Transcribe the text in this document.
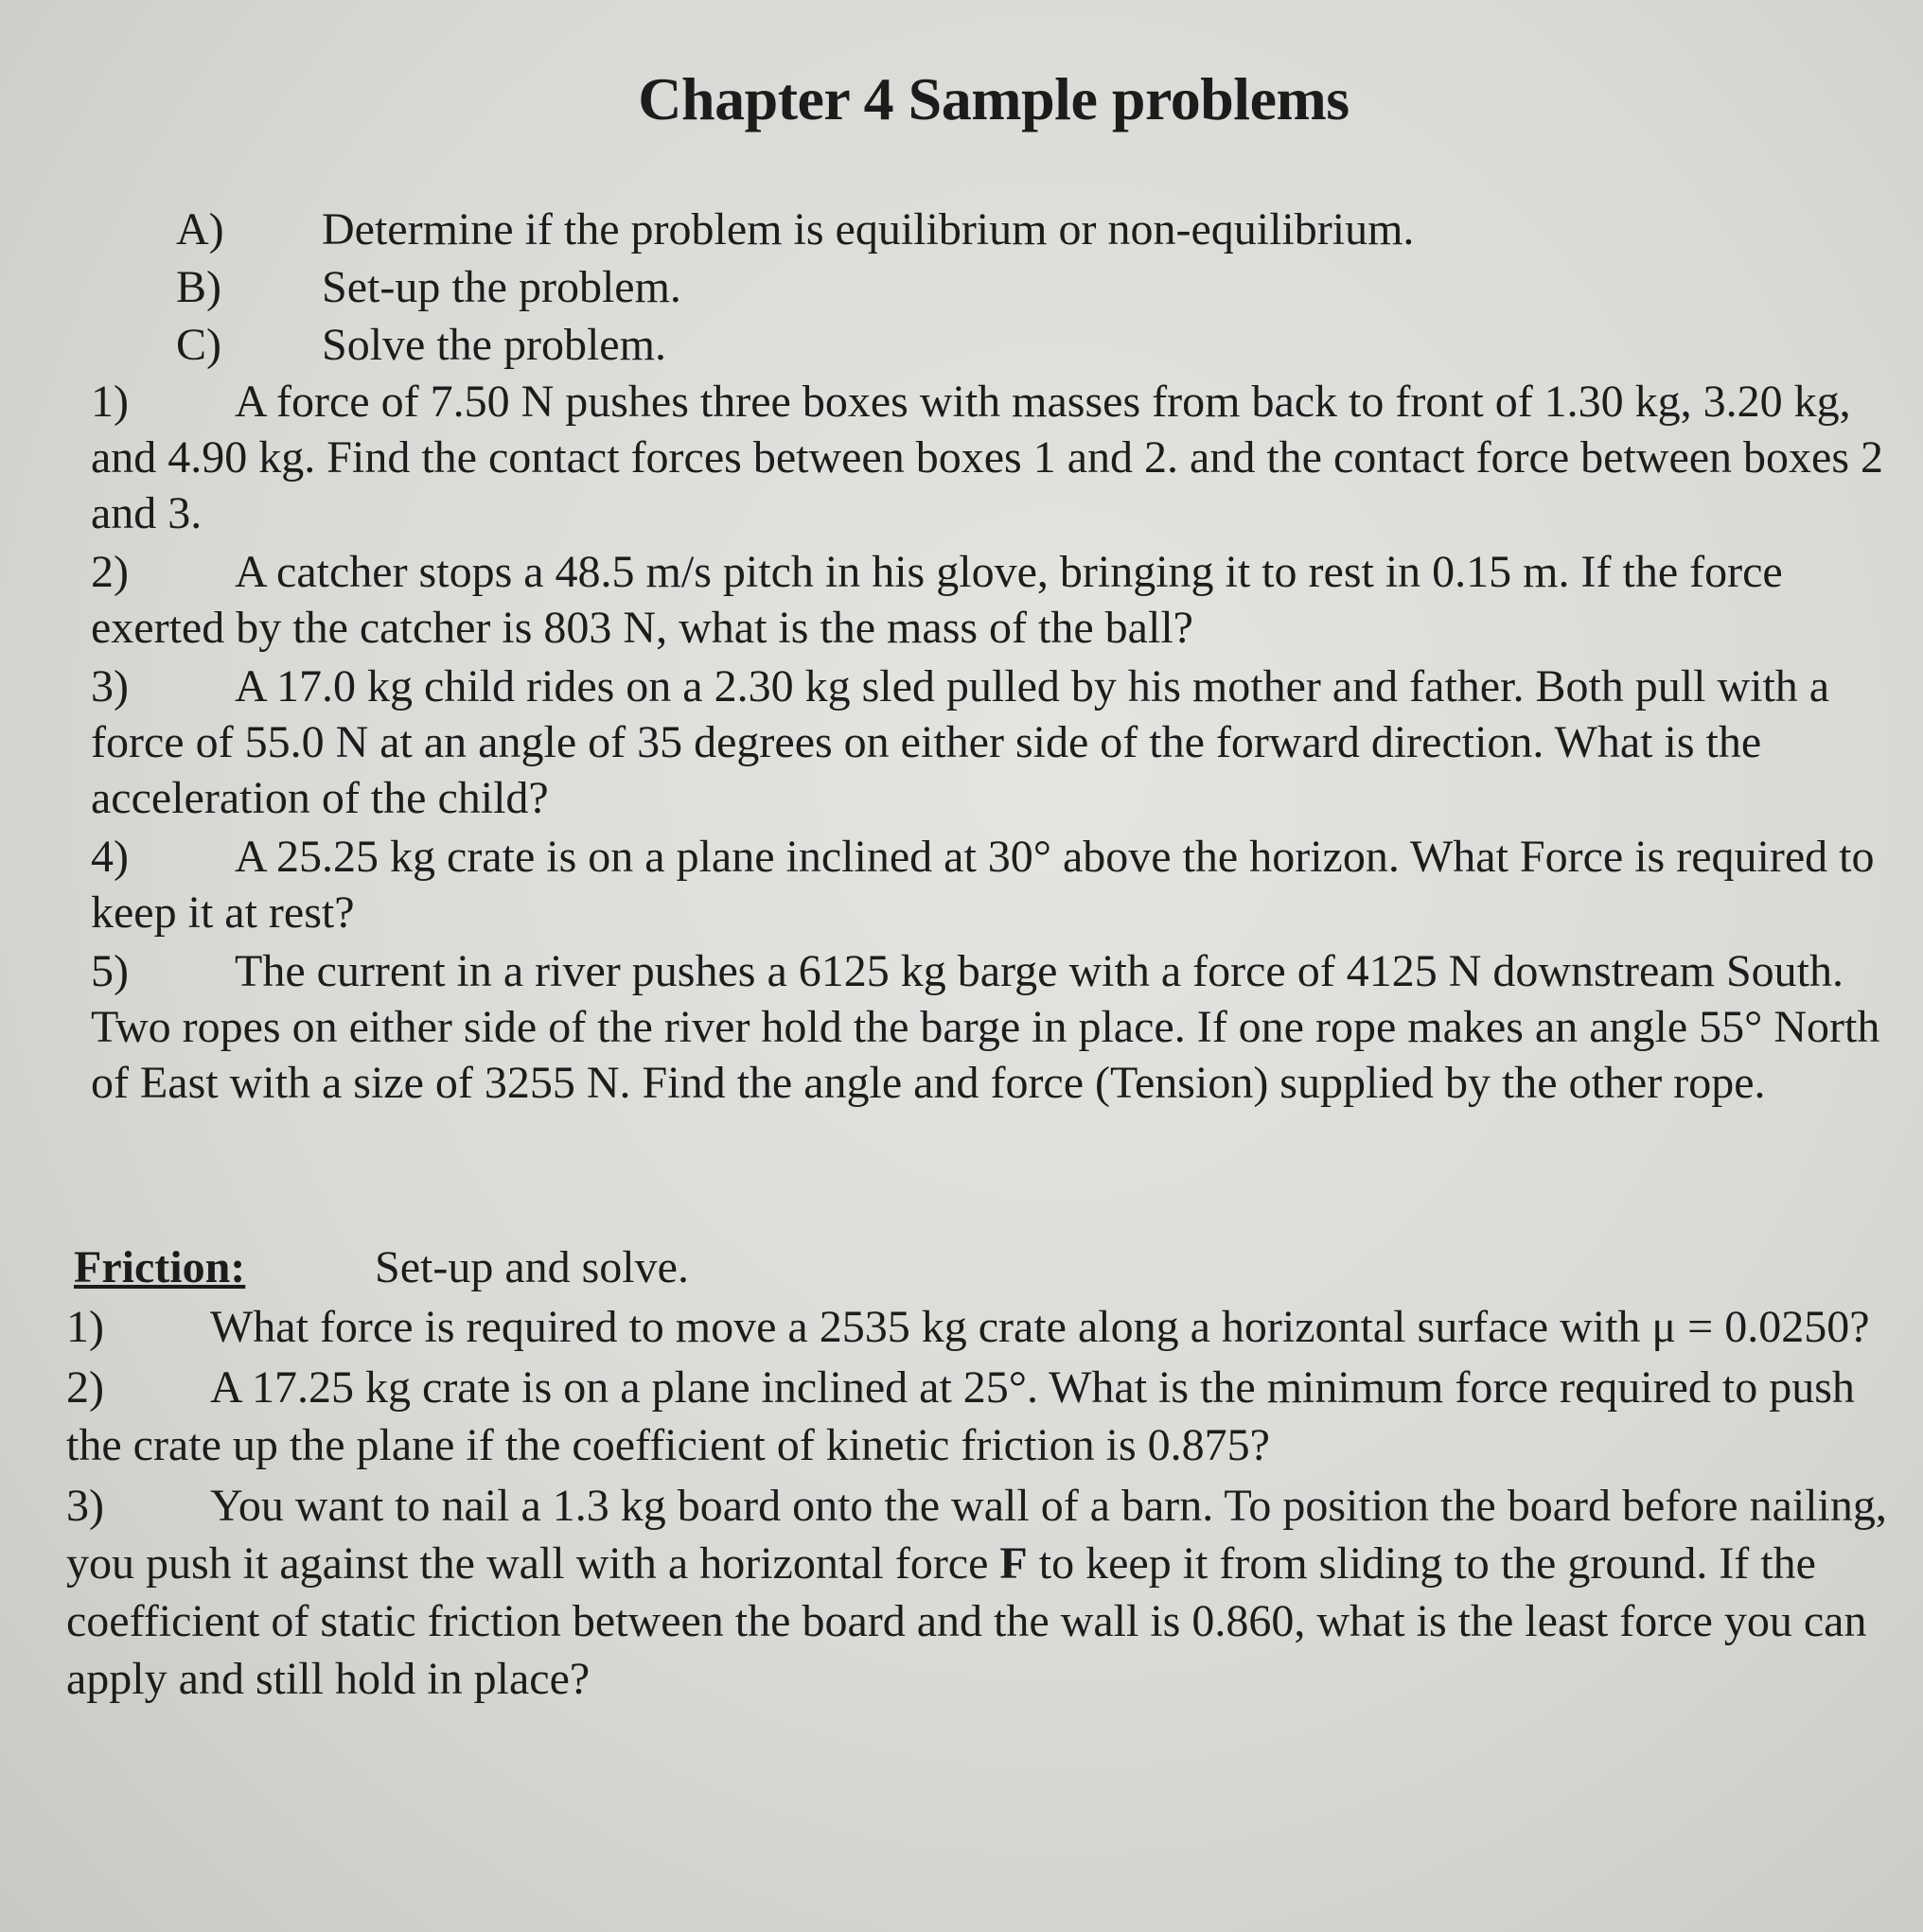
Chapter 4 Sample problems
A)	Determine if the problem is equilibrium or non-equilibrium.
B)	Set-up the problem.
C)	Solve the problem.
1) A force of 7.50 N pushes three boxes with masses from back to front of 1.30 kg, 3.20 kg, and 4.90 kg. Find the contact forces between boxes 1 and 2. and the contact force between boxes 2 and 3.
2) A catcher stops a 48.5 m/s pitch in his glove, bringing it to rest in 0.15 m. If the force exerted by the catcher is 803 N, what is the mass of the ball?
3) A 17.0 kg child rides on a 2.30 kg sled pulled by his mother and father. Both pull with a force of 55.0 N at an angle of 35 degrees on either side of the forward direction. What is the acceleration of the child?
4) A 25.25 kg crate is on a plane inclined at 30° above the horizon. What Force is required to keep it at rest?
5) The current in a river pushes a 6125 kg barge with a force of 4125 N downstream South. Two ropes on either side of the river hold the barge in place. If one rope makes an angle 55° North of East with a size of 3255 N. Find the angle and force (Tension) supplied by the other rope.
Friction:	Set-up and solve.
1) What force is required to move a 2535 kg crate along a horizontal surface with μ = 0.0250?
2) A 17.25 kg crate is on a plane inclined at 25°. What is the minimum force required to push the crate up the plane if the coefficient of kinetic friction is 0.875?
3) You want to nail a 1.3 kg board onto the wall of a barn. To position the board before nailing, you push it against the wall with a horizontal force F to keep it from sliding to the ground. If the coefficient of static friction between the board and the wall is 0.860, what is the least force you can apply and still hold in place?
